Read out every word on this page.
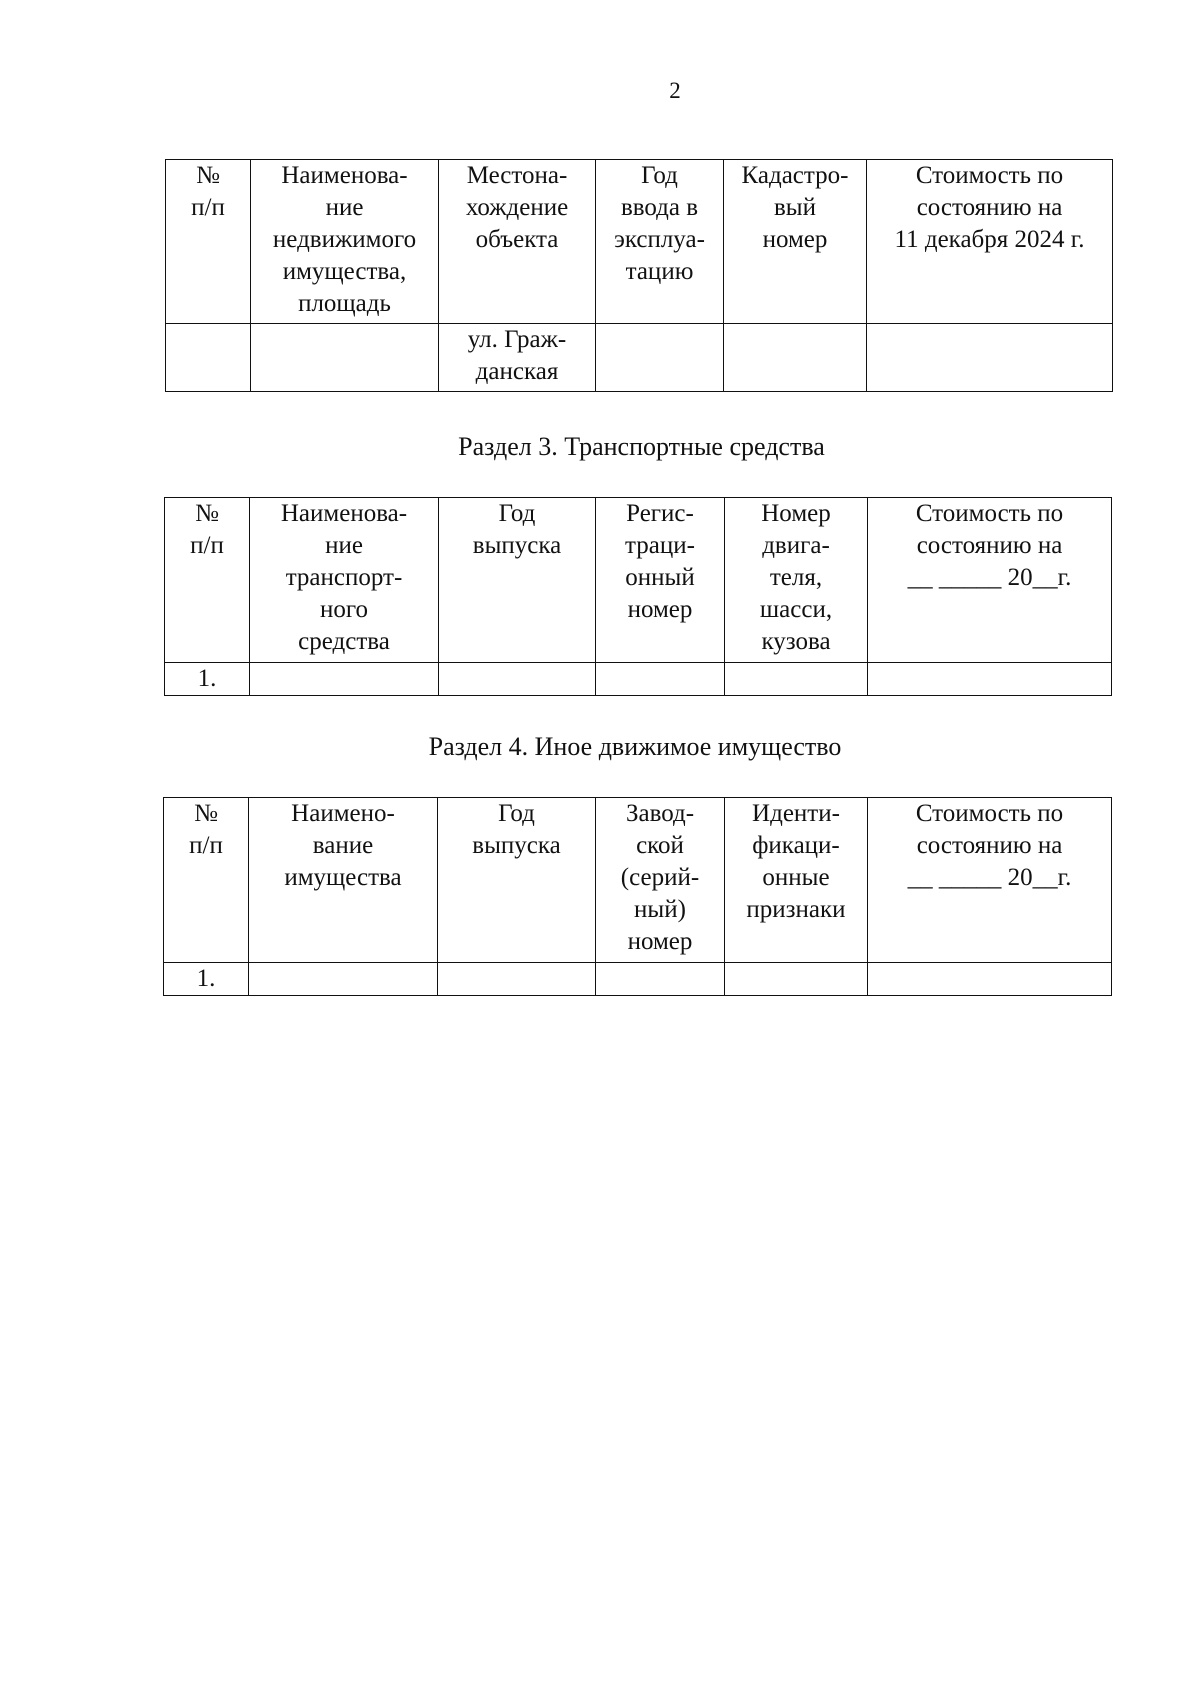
2
№
п/п	Наименова-
ние
недвижимого
имущества,
площадь	Местона-
хождение
объекта	Год
ввода в
эксплуа-
тацию	Кадастро-
вый
номер	Стоимость по
состоянию на
11 декабря 2024 г.
		ул. Граж-
данская			
Раздел 3. Транспортные средства
№
п/п	Наименова-
ние
транспорт-
ного
средства	Год
выпуска	Регис-
траци-
онный
номер	Номер
двига-
теля,
шасси,
кузова	Стоимость по
состоянию на
__ _____ 20__г.
1.					
Раздел 4. Иное движимое имущество
№
п/п	Наимено-
вание
имущества	Год
выпуска	Завод-
ской
(серий-
ный)
номер	Иденти-
фикаци-
онные
признаки	Стоимость по
состоянию на
__ _____ 20__г.
1.					
